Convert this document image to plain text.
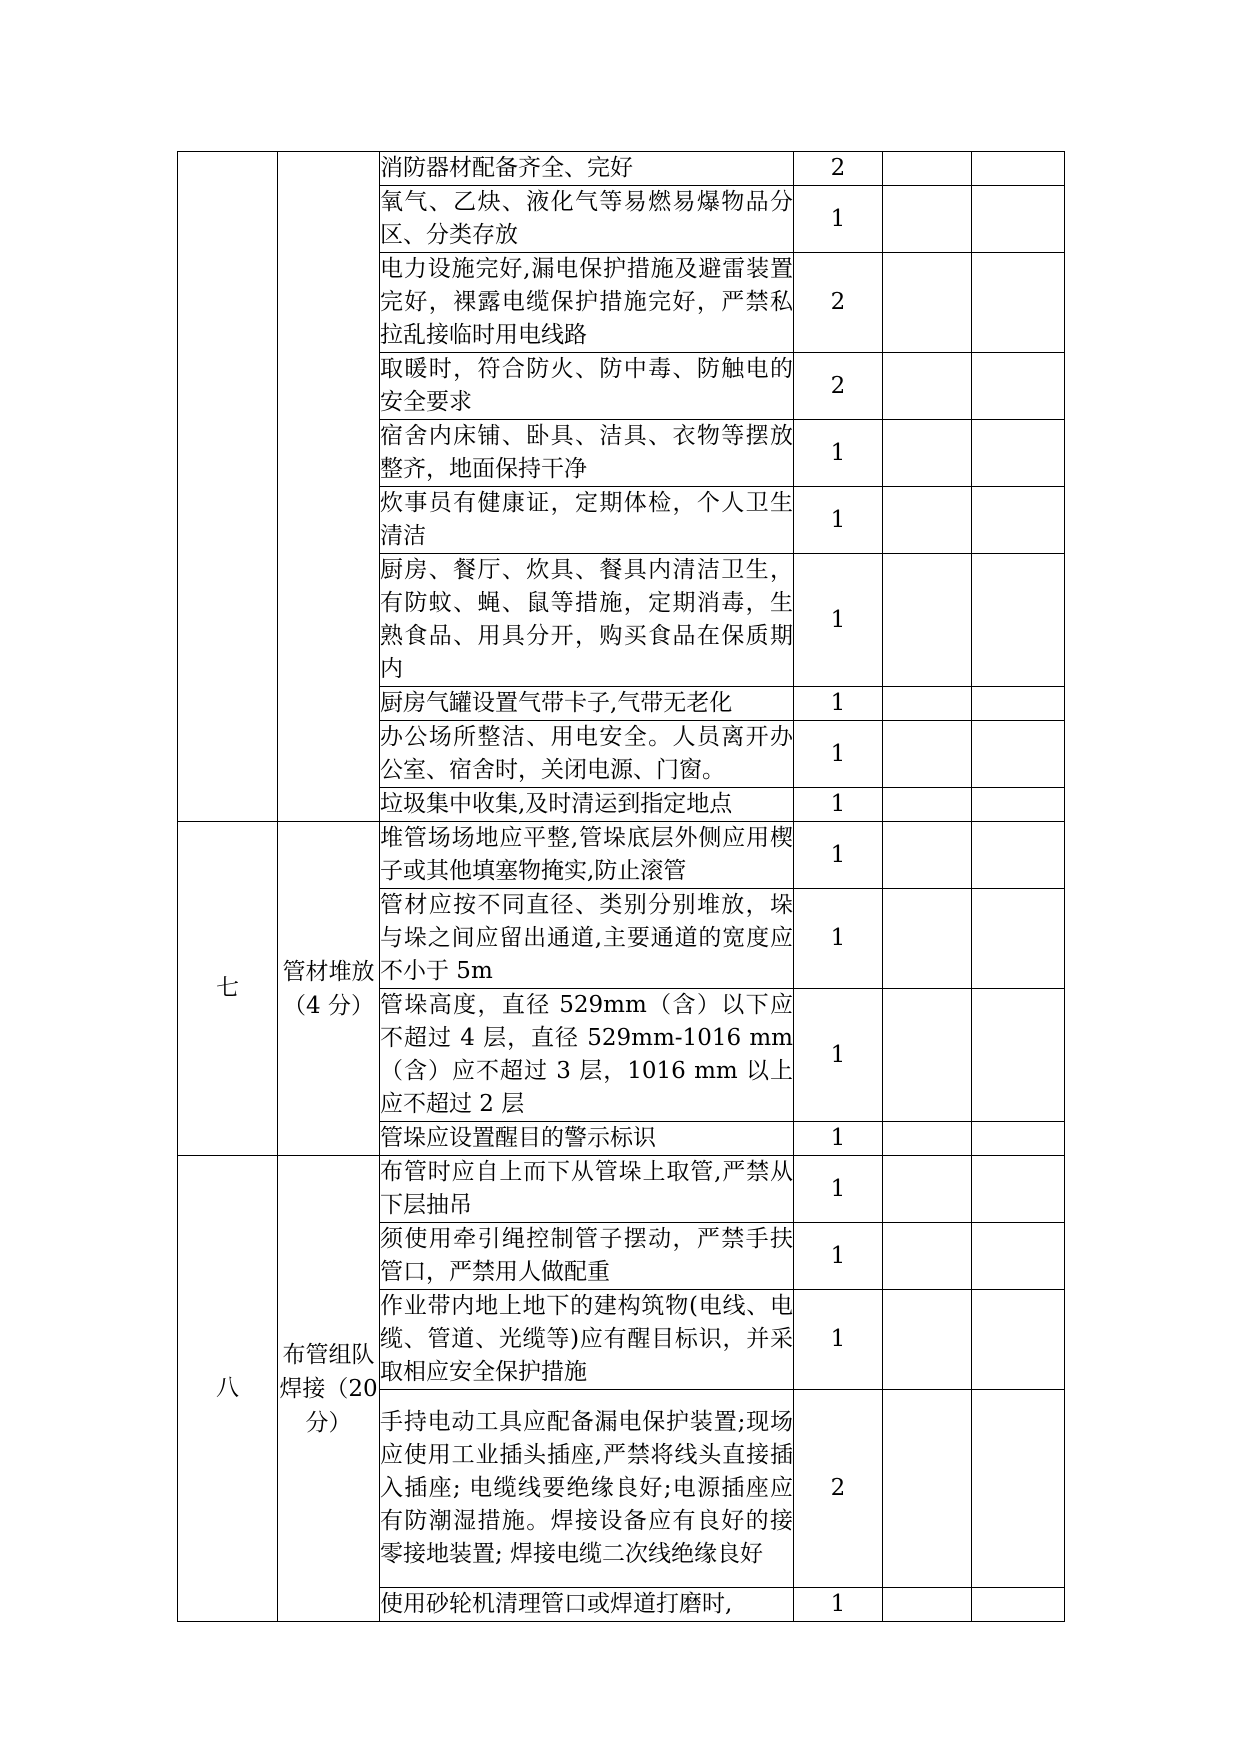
		消防器材配备齐全、完好	2		

		氧气、乙炔、液化气等易燃易爆物品分区、分类存放	1		

		电力设施完好,漏电保护措施及避雷装置完好，裸露电缆保护措施完好，严禁私拉乱接临时用电线路	2		

		取暖时，符合防火、防中毒、防触电的安全要求	2		

		宿舍内床铺、卧具、洁具、衣物等摆放整齐，地面保持干净	1		

		炊事员有健康证，定期体检，个人卫生清洁	1		

		厨房、餐厅、炊具、餐具内清洁卫生，有防蚊、蝇、鼠等措施，定期消毒，生熟食品、用具分开，购买食品在保质期内	1		

		厨房气罐设置气带卡子,气带无老化	1		

		办公场所整洁、用电安全。人员离开办公室、宿舍时，关闭电源、门窗。	1		

		垃圾集中收集,及时清运到指定地点	1		
七	管材堆放（4 分）	堆管场场地应平整,管垛底层外侧应用楔子或其他填塞物掩实,防止滚管	1		

		管材应按不同直径、类别分别堆放，垛与垛之间应留出通道,主要通道的宽度应不小于 5m	1		

		管垛高度，直径 529mm（含）以下应不超过 4 层，直径 529mm-1016 mm（含）应不超过 3 层，1016 mm 以上应不超过 2 层	1		

		管垛应设置醒目的警示标识	1		
八	布管组队焊接（20 分）	布管时应自上而下从管垛上取管,严禁从下层抽吊	1		

		须使用牵引绳控制管子摆动，严禁手扶管口，严禁用人做配重	1		

		作业带内地上地下的建构筑物(电线、电缆、管道、光缆等)应有醒目标识，并采取相应安全保护措施	1		

		手持电动工具应配备漏电保护装置;现场应使用工业插头插座,严禁将线头直接插入插座; 电缆线要绝缘良好;电源插座应有防潮湿措施。焊接设备应有良好的接零接地装置; 焊接电缆二次线绝缘良好	2		

		使用砂轮机清理管口或焊道打磨时,	1		
